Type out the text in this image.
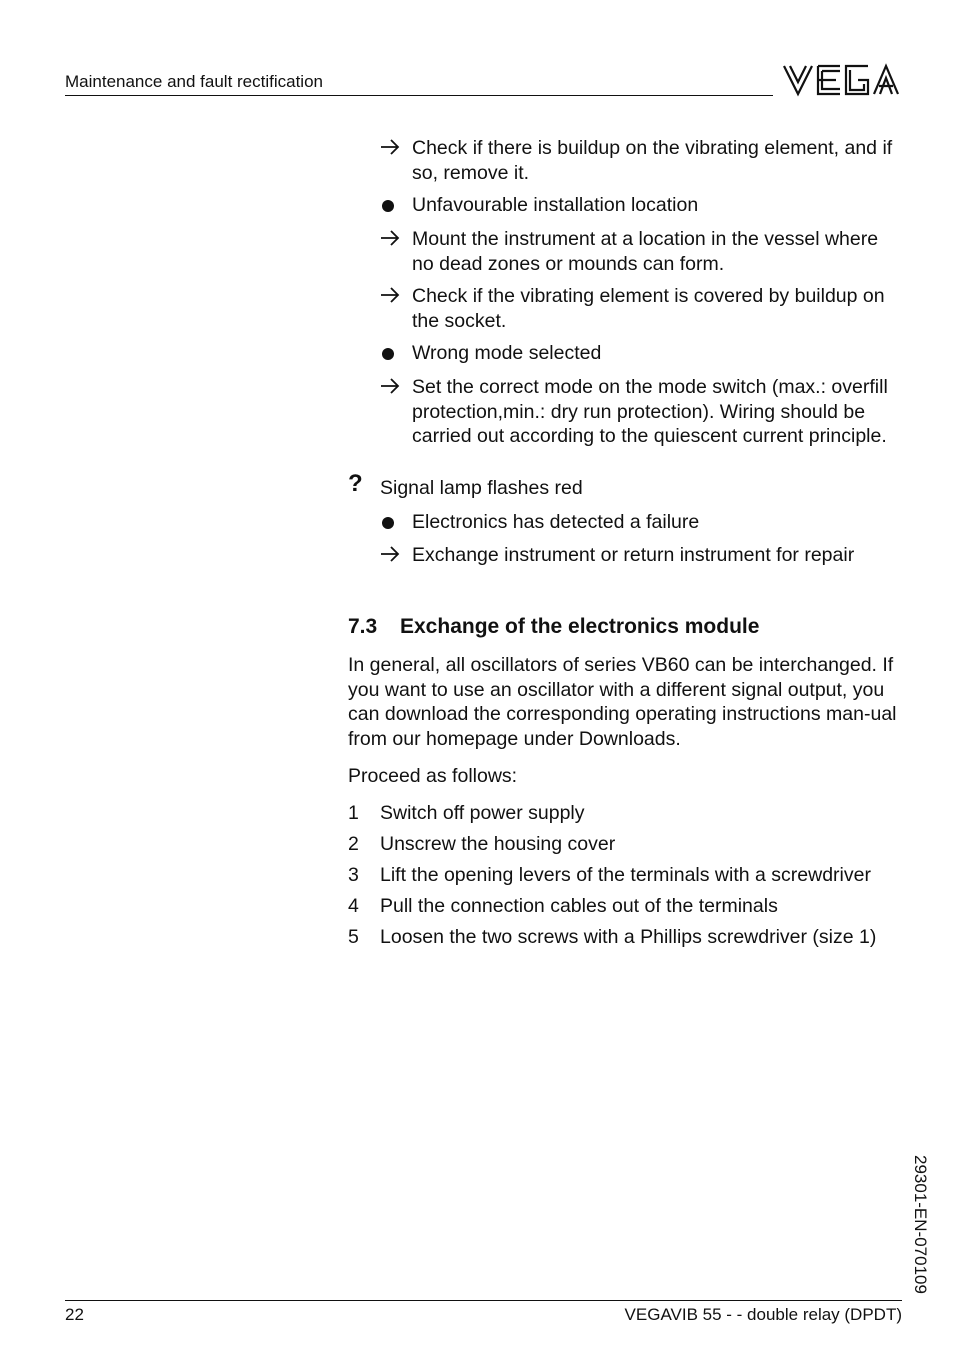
Maintenance and fault rectification
Check if there is buildup on the vibrating element, and if so, remove it.
Unfavourable installation location
Mount the instrument at a location in the vessel where no dead zones or mounds can form.
Check if the vibrating element is covered by buildup on the socket.
Wrong mode selected
Set the correct mode on the mode switch (max.: overfill protection,min.: dry run protection). Wiring should be carried out according to the quiescent current principle.
? Signal lamp flashes red
Electronics has detected a failure
Exchange instrument or return instrument for repair
7.3 Exchange of the electronics module
In general, all oscillators of series VB60 can be interchanged. If you want to use an oscillator with a different signal output, you can download the corresponding operating instructions man-ual from our homepage under Downloads.
Proceed as follows:
1 Switch off power supply
2 Unscrew the housing cover
3 Lift the opening levers of the terminals with a screwdriver
4 Pull the connection cables out of the terminals
5 Loosen the two screws with a Phillips screwdriver (size 1)
29301-EN-070109
22	VEGAVIB 55 - - double relay (DPDT)
